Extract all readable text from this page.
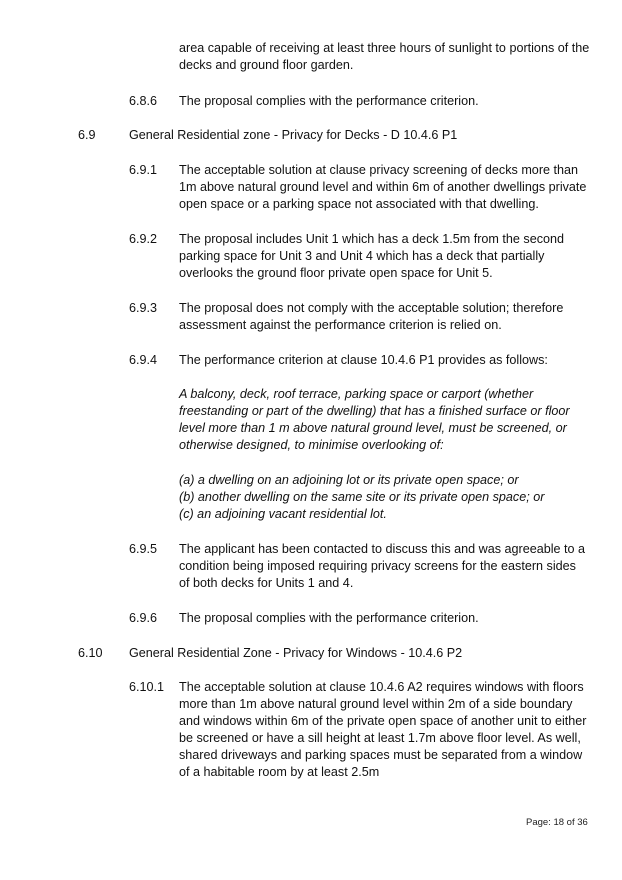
area capable of receiving at least three hours of sunlight to portions of the
decks and ground floor garden.
6.8.6 The proposal complies with the performance criterion.
6.9	General Residential zone - Privacy for Decks - D 10.4.6 P1
6.9.1 The acceptable solution at clause privacy screening of decks more than
1m above natural ground level and within 6m of another dwellings private
open space or a parking space not associated with that dwelling.
6.9.2 The proposal includes Unit 1 which has a deck 1.5m from the second
parking space for Unit 3 and Unit 4 which has a deck that partially
overlooks the ground floor private open space for Unit 5.
6.9.3 The proposal does not comply with the acceptable solution; therefore
assessment against the performance criterion is relied on.
6.9.4 The performance criterion at clause 10.4.6 P1 provides as follows:
A balcony, deck, roof terrace, parking space or carport (whether
freestanding or part of the dwelling) that has a finished surface or floor
level more than 1 m above natural ground level, must be screened, or
otherwise designed, to minimise overlooking of:
(a) a dwelling on an adjoining lot or its private open space; or
(b) another dwelling on the same site or its private open space; or
(c) an adjoining vacant residential lot.
6.9.5 The applicant has been contacted to discuss this and was agreeable to a
condition being imposed requiring privacy screens for the eastern sides
of both decks for Units 1 and 4.
6.9.6 The proposal complies with the performance criterion.
6.10 General Residential Zone - Privacy for Windows - 10.4.6 P2
6.10.1 The acceptable solution at clause 10.4.6 A2 requires windows with floors
more than 1m above natural ground level within 2m of a side boundary
and windows within 6m of the private open space of another unit to either
be screened or have a sill height at least 1.7m above floor level. As well,
shared driveways and parking spaces must be separated from a window
of a habitable room by at least 2.5m
Page: 18 of 36
